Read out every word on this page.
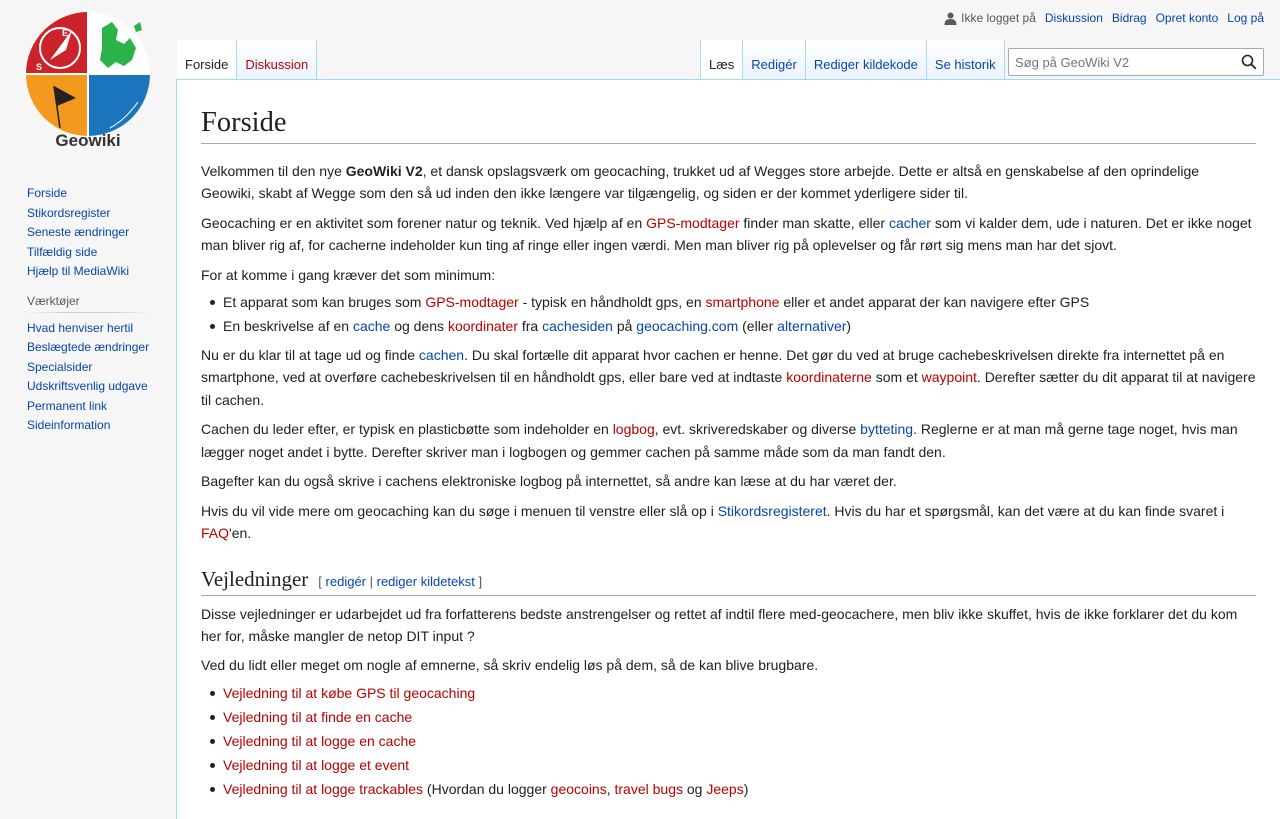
E
S
Geowiki
Ikke logget på Diskussion Bidrag Opret konto Log på
Forside	Diskussion	Læs	Redigér	Rediger kildekode	Se historik
Søg på GeoWiki V2
Forside
Stikordsregister
Seneste ændringer
Tilfældig side
Hjælp til MediaWiki
Værktøjer
Hvad henviser hertil
Beslægtede ændringer
Specialsider
Udskriftsvenlig udgave
Permanent link
Sideinformation
Forside

Velkommen til den nye GeoWiki V2, et dansk opslagsværk om geocaching, trukket ud af Wegges store arbejde. Dette er altså en genskabelse af den oprindelige Geowiki, skabt af Wegge som den så ud inden den ikke længere var tilgængelig, og siden er der kommet yderligere sider til.

Geocaching er en aktivitet som forener natur og teknik. Ved hjælp af en GPS-modtager finder man skatte, eller cacher som vi kalder dem, ude i naturen. Det er ikke noget man bliver rig af, for cacherne indeholder kun ting af ringe eller ingen værdi. Men man bliver rig på oplevelser og får rørt sig mens man har det sjovt.

For at komme i gang kræver det som minimum:

Et apparat som kan bruges som GPS-modtager - typisk en håndholdt gps, en smartphone eller et andet apparat der kan navigere efter GPS
En beskrivelse af en cache og dens koordinater fra cachesiden på geocaching.com (eller alternativer)

Nu er du klar til at tage ud og finde cachen. Du skal fortælle dit apparat hvor cachen er henne. Det gør du ved at bruge cachebeskrivelsen direkte fra internettet på en smartphone, ved at overføre cachebeskrivelsen til en håndholdt gps, eller bare ved at indtaste koordinaterne som et waypoint. Derefter sætter du dit apparat til at navigere til cachen.

Cachen du leder efter, er typisk en plasticbøtte som indeholder en logbog, evt. skriveredskaber og diverse bytteting. Reglerne er at man må gerne tage noget, hvis man lægger noget andet i bytte. Derefter skriver man i logbogen og gemmer cachen på samme måde som da man fandt den.

Bagefter kan du også skrive i cachens elektroniske logbog på internettet, så andre kan læse at du har været der.

Hvis du vil vide mere om geocaching kan du søge i menuen til venstre eller slå op i Stikordsregisteret. Hvis du har et spørgsmål, kan det være at du kan finde svaret i FAQ'en.

Vejledninger [ redigér | rediger kildetekst ]

Disse vejledninger er udarbejdet ud fra forfatterens bedste anstrengelser og rettet af indtil flere med-geocachere, men bliv ikke skuffet, hvis de ikke forklarer det du kom her for, måske mangler de netop DIT input ?

Ved du lidt eller meget om nogle af emnerne, så skriv endelig løs på dem, så de kan blive brugbare.

Vejledning til at købe GPS til geocaching
Vejledning til at finde en cache
Vejledning til at logge en cache
Vejledning til at logge et event
Vejledning til at logge trackables (Hvordan du logger geocoins, travel bugs og Jeeps)
